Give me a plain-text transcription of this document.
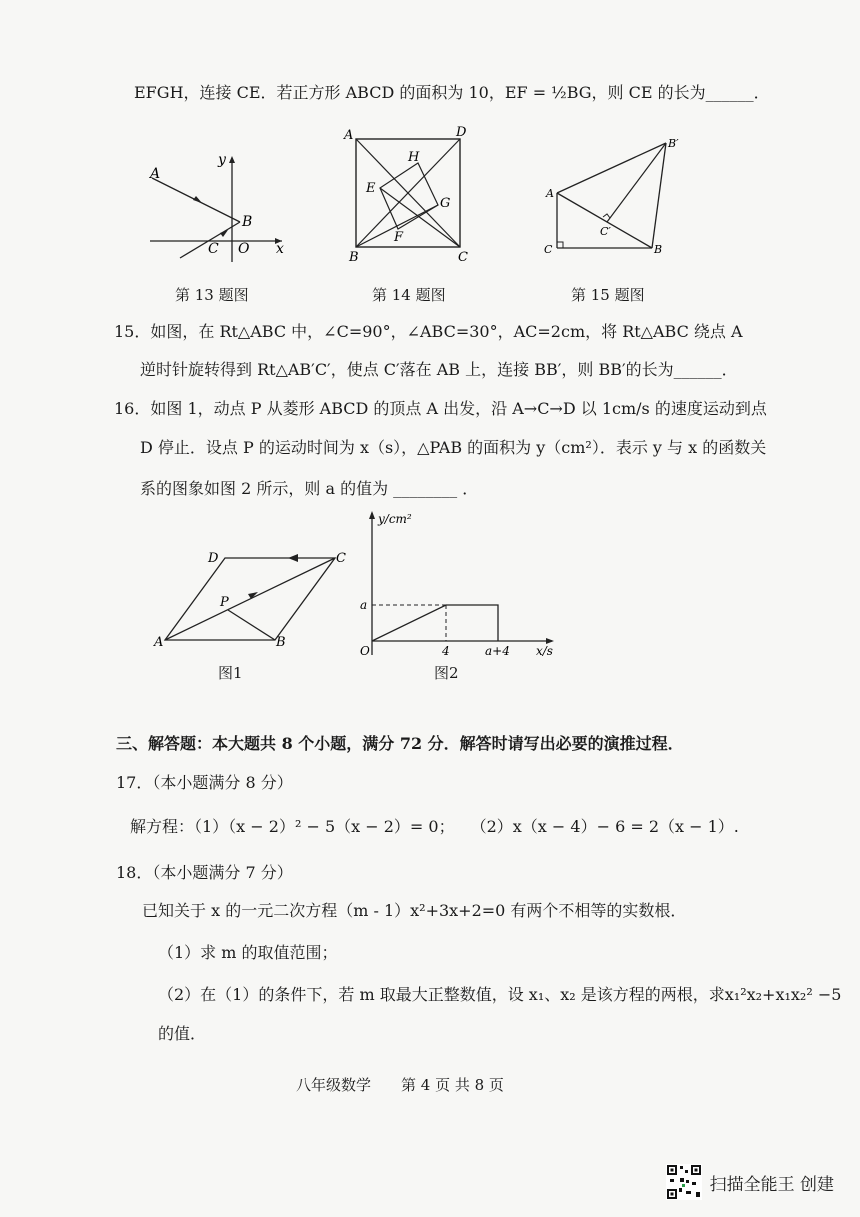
EFGH，连接 CE．若正方形 ABCD 的面积为 10，EF = ½BG，则 CE 的长为______．
A
B
C O x
y
A	D
B	C
E
H
G
F
A
C	B
B′
C′
第 13 题图	第 14 题图	第 15 题图
15．如图，在 Rt△ABC 中，∠C=90°，∠ABC=30°，AC=2cm，将 Rt△ABC 绕点 A
逆时针旋转得到 Rt△AB′C′，使点 C′落在 AB 上，连接 BB′，则 BB′的长为______．
16．如图 1，动点 P 从菱形 ABCD 的顶点 A 出发，沿 A→C→D 以 1cm/s 的速度运动到点
D 停止．设点 P 的运动时间为 x（s），△PAB 的面积为 y（cm²）．表示 y 与 x 的函数关
系的图象如图 2 所示，则 a 的值为 ________ ．
A	B
C
D
P
y/cm²
x/s
O
a
4	a+4
图1	图2
三、解答题：本大题共 8 个小题，满分 72 分．解答时请写出必要的演推过程．
17．（本小题满分 8 分）
解方程：（1）（x − 2）² − 5（x − 2）= 0；　　（2）x（x − 4）− 6 = 2（x − 1）.
18．（本小题满分 7 分）
已知关于 x 的一元二次方程（m - 1）x²+3x+2=0 有两个不相等的实数根．
（1）求 m 的取值范围；
（2）在（1）的条件下，若 m 取最大正整数值，设 x₁、x₂ 是该方程的两根，求x₁²x₂+x₁x₂² −5
的值．
八年级数学　　第 4 页 共 8 页
扫描全能王 创建
